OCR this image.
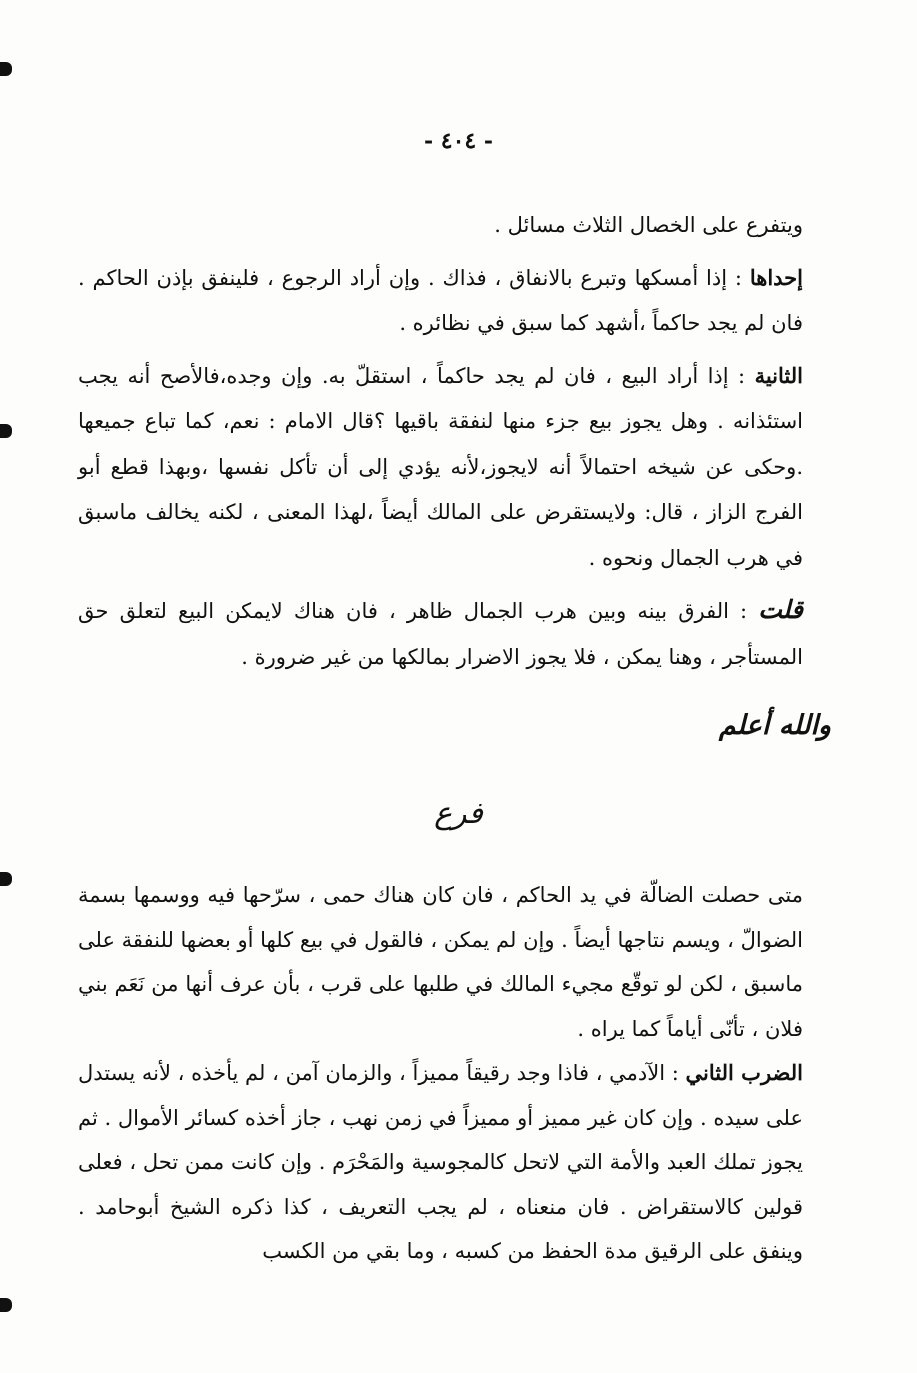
- ٤٠٤ -

ويتفرع على الخصال الثلاث مسائل .

إحداها : إذا أمسكها وتبرع بالانفاق ، فذاك . وإن أراد الرجوع ، فلينفق بإذن الحاكم . فان لم يجد حاكماً ،أشهد كما سبق في نظائره .

الثانية : إذا أراد البيع ، فان لم يجد حاكماً ، استقلّ به. وإن وجده،فالأصح أنه يجب استئذانه . وهل يجوز بيع جزء منها لنفقة باقيها ؟قال الامام : نعم، كما تباع جميعها .وحكى عن شيخه احتمالاً أنه لايجوز،لأنه يؤدي إلى أن تأكل نفسها ،وبهذا قطع أبو الفرج الزاز ، قال: ولايستقرض على المالك أيضاً ،لهذا المعنى ، لكنه يخالف ماسبق في هرب الجمال ونحوه .

قلت : الفرق بينه وبين هرب الجمال ظاهر ، فان هناك لايمكن البيع لتعلق حق المستأجر ، وهنا يمكن ، فلا يجوز الاضرار بمالكها من غير ضرورة .

والله أعلم
فرع

متى حصلت الضالّة في يد الحاكم ، فان كان هناك حمى ، سرّحها فيه ووسمها بسمة الضوالّ ، ويسم نتاجها أيضاً . وإن لم يمكن ، فالقول في بيع كلها أو بعضها للنفقة على ماسبق ، لكن لو توقّع مجيء المالك في طلبها على قرب ، بأن عرف أنها من نَعَم بني فلان ، تأنّى أياماً كما يراه .

الضرب الثاني : الآدمي ، فاذا وجد رقيقاً مميزاً ، والزمان آمن ، لم يأخذه ، لأنه يستدل على سيده . وإن كان غير مميز أو مميزاً في زمن نهب ، جاز أخذه كسائر الأموال . ثم يجوز تملك العبد والأمة التي لاتحل كالمجوسية والمَحْرَم . وإن كانت ممن تحل ، فعلى قولين كالاستقراض . فان منعناه ، لم يجب التعريف ، كذا ذكره الشيخ أبوحامد . وينفق على الرقيق مدة الحفظ من كسبه ، وما بقي من الكسب
